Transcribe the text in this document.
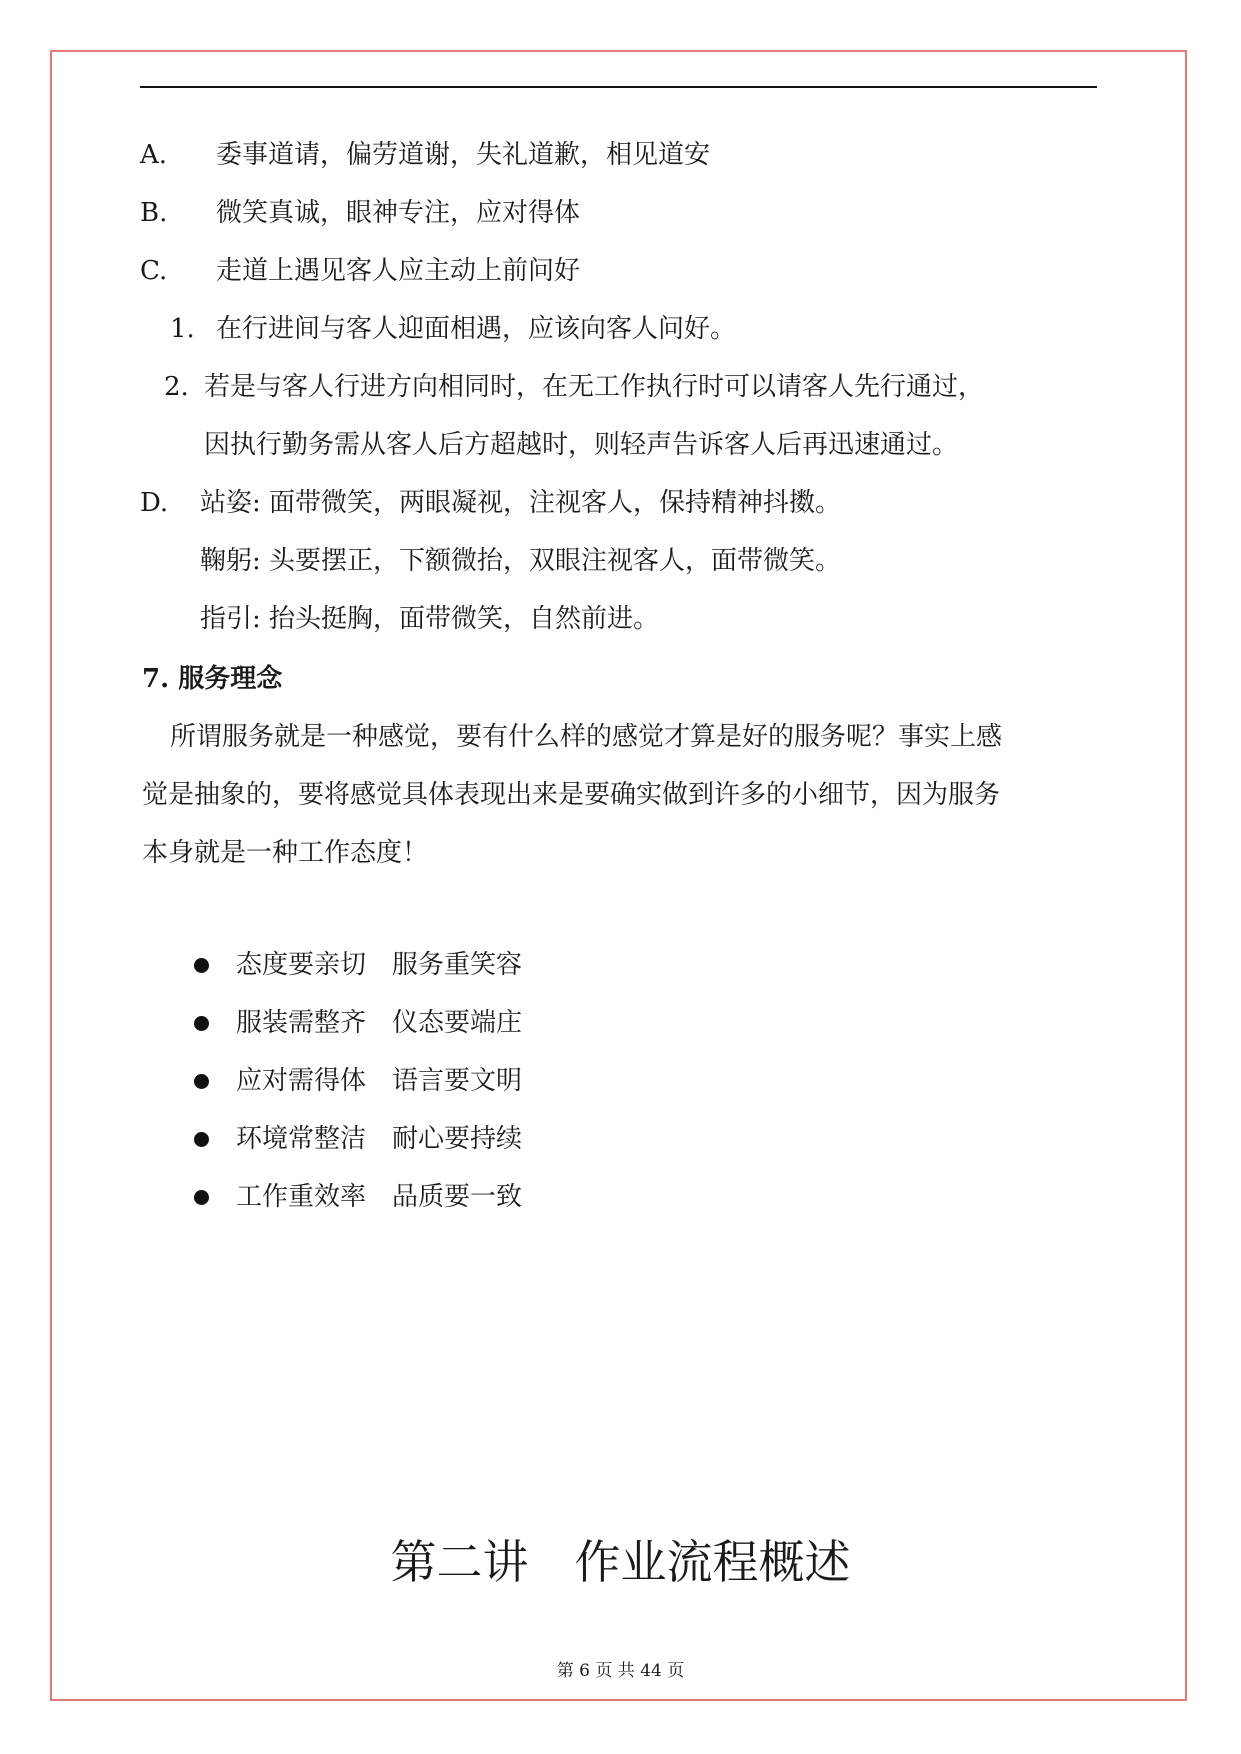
A. 委事道请，偏劳道谢，失礼道歉，相见道安
B. 微笑真诚，眼神专注，应对得体
C. 走道上遇见客人应主动上前问好
1. 在行进间与客人迎面相遇，应该向客人问好。
2. 若是与客人行进方向相同时，在无工作执行时可以请客人先行通过，
因执行勤务需从客人后方超越时，则轻声告诉客人后再迅速通过。
D. 站姿: 面带微笑，两眼凝视，注视客人，保持精神抖擞。
鞠躬: 头要摆正，下额微抬，双眼注视客人，面带微笑。
指引: 抬头挺胸，面带微笑，自然前进。
7. 服务理念
所谓服务就是一种感觉，要有什么样的感觉才算是好的服务呢？事实上感
觉是抽象的，要将感觉具体表现出来是要确实做到许多的小细节，因为服务
本身就是一种工作态度！
态度要亲切　服务重笑容
服装需整齐　仪态要端庄
应对需得体　语言要文明
环境常整洁　耐心要持续
工作重效率　品质要一致
第二讲　作业流程概述
第 6 页 共 44 页
